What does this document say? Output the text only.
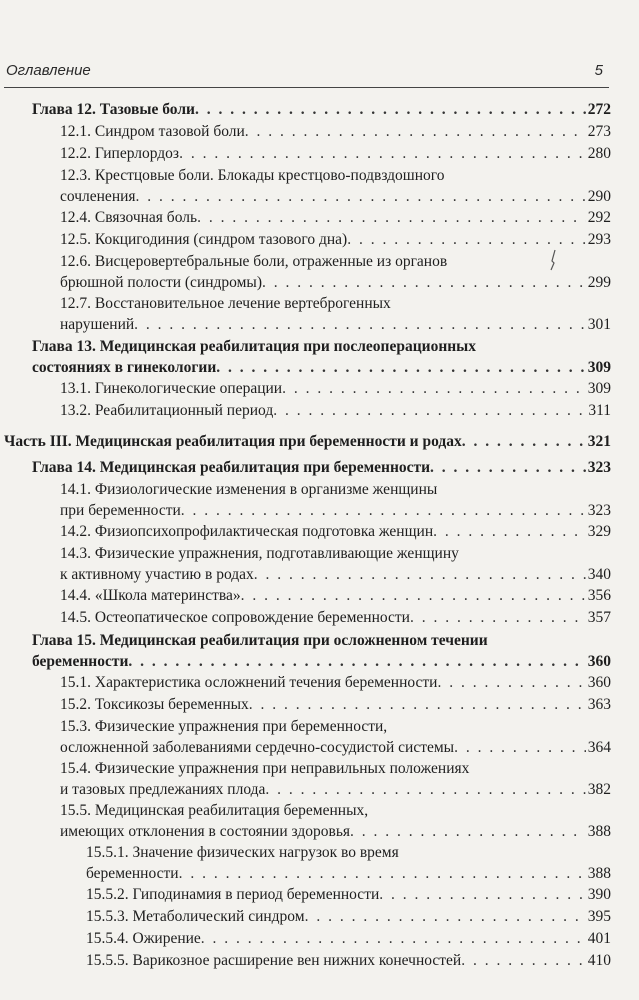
Оглавление	5
Глава 12. Тазовые боли . . .	272
12.1. Синдром тазовой боли . . .	273
12.2. Гиперлордоз . . .	280
12.3. Крестцовые боли. Блокады крестцово-подвздошного
сочленения . . .	290
12.4. Связочная боль . . .	292
12.5. Кокцигодиния (синдром тазового дна) . . .	293
12.6. Висцеровертебральные боли, отраженные из органов
брюшной полости (синдромы) . . .	299
12.7. Восстановительное лечение вертеброгенных
нарушений . . .	301
Глава 13. Медицинская реабилитация при послеоперационных
состояниях в гинекологии . . .	309
13.1. Гинекологические операции . . .	309
13.2. Реабилитационный период . . .	311
Часть III. Медицинская реабилитация при беременности и родах . . .	321
Глава 14. Медицинская реабилитация при беременности . . .	323
14.1. Физиологические изменения в организме женщины
при беременности . . .	323
14.2. Физиопсихопрофилактическая подготовка женщин . . .	329
14.3. Физические упражнения, подготавливающие женщину
к активному участию в родах . . .	340
14.4. «Школа материнства» . . .	356
14.5. Остеопатическое сопровождение беременности . . .	357
Глава 15. Медицинская реабилитация при осложненном течении
беременности . . .	360
15.1. Характеристика осложнений течения беременности . . .	360
15.2. Токсикозы беременных . . .	363
15.3. Физические упражнения при беременности,
осложненной заболеваниями сердечно-сосудистой системы . . .	364
15.4. Физические упражнения при неправильных положениях
и тазовых предлежаниях плода . . .	382
15.5. Медицинская реабилитация беременных,
имеющих отклонения в состоянии здоровья . . .	388
15.5.1. Значение физических нагрузок во время
беременности . . .	388
15.5.2. Гиподинамия в период беременности . . .	390
15.5.3. Метаболический синдром . . .	395
15.5.4. Ожирение . . .	401
15.5.5. Варикозное расширение вен нижних конечностей . . .	410
